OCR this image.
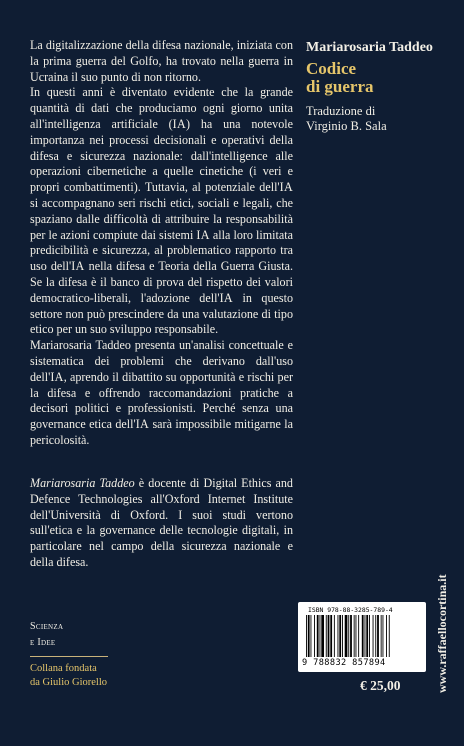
La digitalizzazione della difesa nazionale, iniziata con la prima guerra del Golfo, ha trovato nella guerra in Ucraina il suo punto di non ritorno.

In questi anni è diventato evidente che la grande quantità di dati che produciamo ogni giorno unita all'intelligenza artificiale (IA) ha una notevole importanza nei processi decisionali e operativi della difesa e sicurezza nazionale: dall'intelligence alle operazioni cibernetiche a quelle cinetiche (i veri e propri combattimenti). Tuttavia, al potenziale dell'IA si accompagnano seri rischi etici, sociali e legali, che spaziano dalle difficoltà di attribuire la responsabilità per le azioni compiute dai sistemi IA alla loro limitata predicibilità e sicurezza, al problematico rapporto tra uso dell'IA nella difesa e Teoria della Guerra Giusta. Se la difesa è il banco di prova del rispetto dei valori democratico-liberali, l'adozione dell'IA in questo settore non può prescindere da una valutazione di tipo etico per un suo sviluppo responsabile.

Mariarosaria Taddeo presenta un'analisi concettuale e sistematica dei problemi che derivano dall'uso dell'IA, aprendo il dibattito su opportunità e rischi per la difesa e offrendo raccomandazioni pratiche a decisori politici e professionisti. Perché senza una governance etica dell'IA sarà impossibile mitigarne la pericolosità.

Mariarosaria Taddeo è docente di Digital Ethics and Defence Technologies all'Oxford Internet Institute dell'Università di Oxford. I suoi studi vertono sull'etica e la governance delle tecnologie digitali, in particolare nel campo della sicurezza nazionale e della difesa.
Mariarosaria Taddeo
Codice
di guerra
Traduzione di
Virginio B. Sala
Scienza
e Idee
Collana fondata
da Giulio Giorello
ISBN 978-88-3285-789-4
9 788832 857894
€ 25,00	www.raffaellocortina.it
